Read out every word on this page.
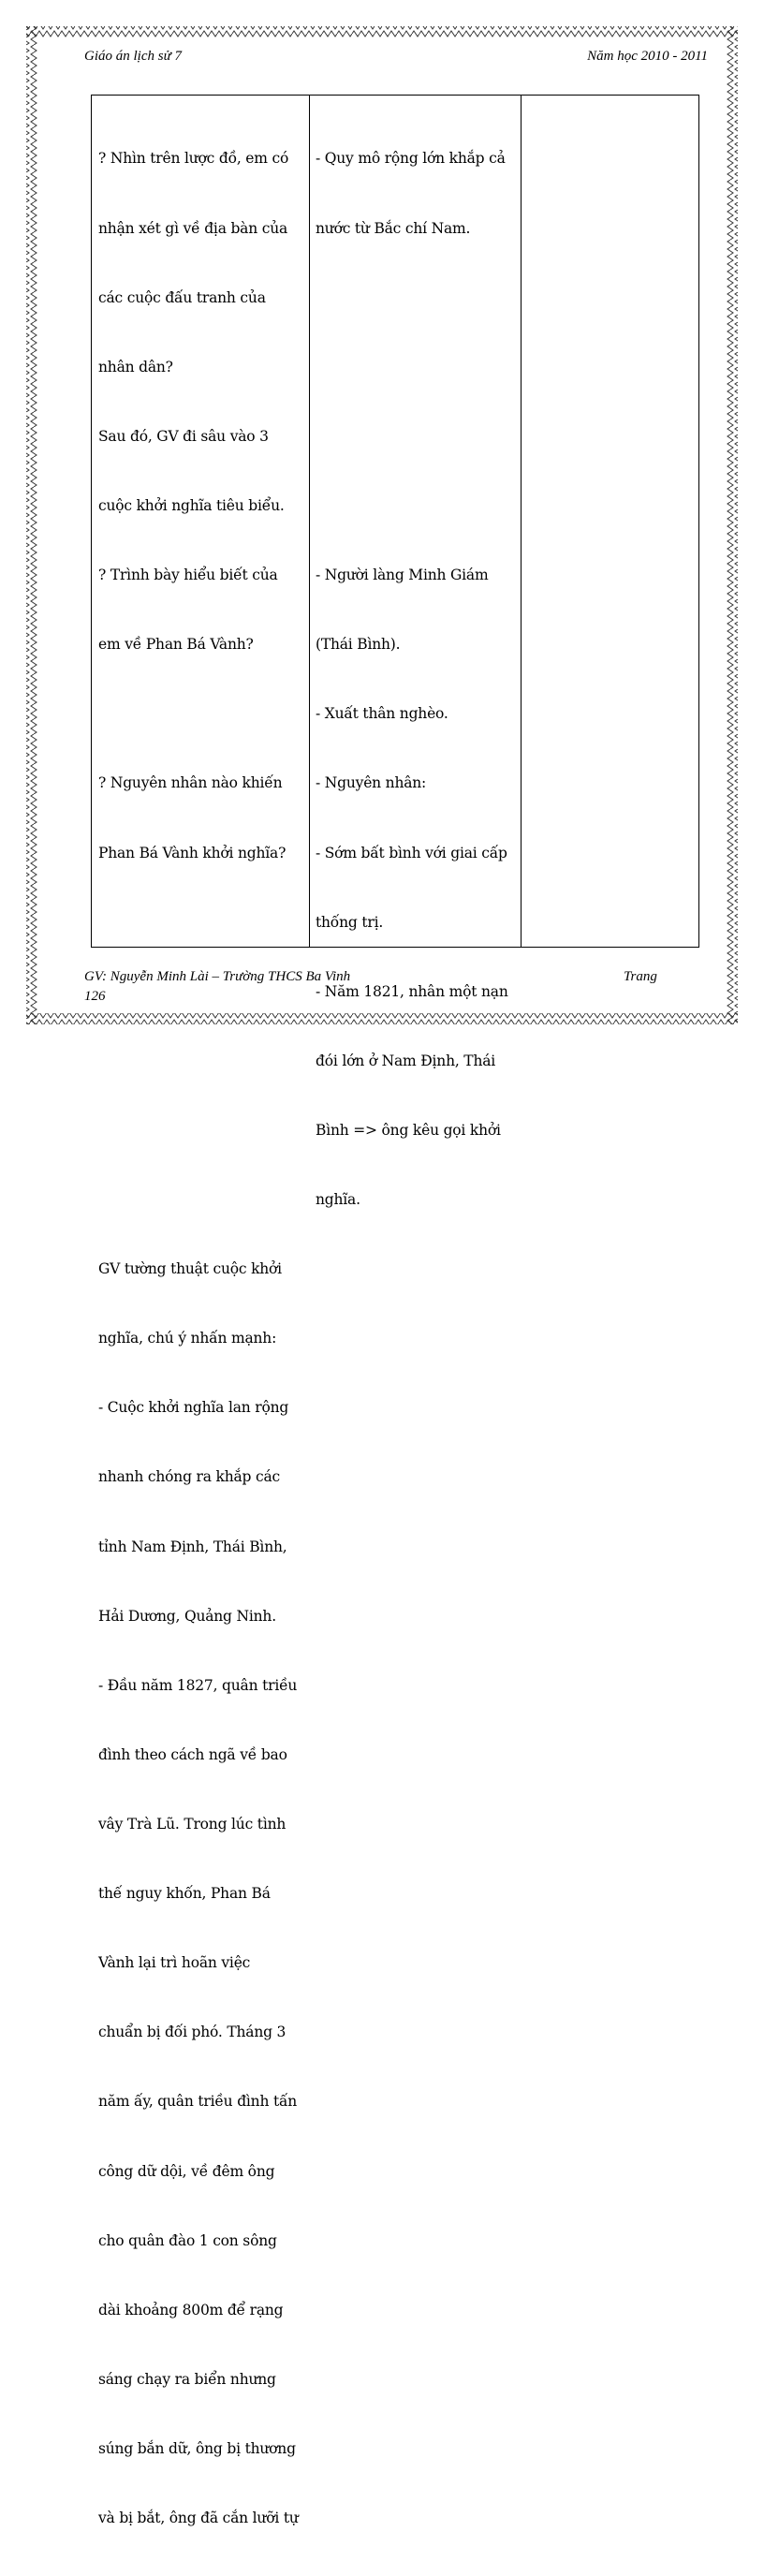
Giáo án lịch sử 7	Năm học 2010 - 2011

? Nhìn trên lược đồ, em có

nhận xét gì về địa bàn của

các cuộc đấu tranh của

nhân dân?

Sau đó, GV đi sâu vào 3

cuộc khởi nghĩa tiêu biểu.

? Trình bày hiểu biết của

em về Phan Bá Vành?

? Nguyên nhân nào khiến

Phan Bá Vành khởi nghĩa?

GV tường thuật cuộc khởi

nghĩa, chú ý nhấn mạnh:

- Cuộc khởi nghĩa lan rộng

nhanh chóng ra khắp các

tỉnh Nam Định, Thái Bình,

Hải Dương, Quảng Ninh.

- Đầu năm 1827, quân triều

đình theo cách ngã về bao

vây Trà Lũ. Trong lúc tình

thế nguy khốn, Phan Bá

Vành lại trì hoãn việc

chuẩn bị đối phó. Tháng 3

năm ấy, quân triều đình tấn

công dữ dội, về đêm ông

cho quân đào 1 con sông

dài khoảng 800m để rạng

sáng chạy ra biển nhưng

súng bắn dữ, ông bị thương

và bị bắt, ông đã cắn lưỡi tự

- Quy mô rộng lớn khắp cả

nước từ Bắc chí Nam.

- Người làng Minh Giám

(Thái Bình).

- Xuất thân nghèo.

- Nguyên nhân:

- Sớm bất bình với giai cấp

thống trị.

- Năm 1821, nhân một nạn

đói lớn ở Nam Định, Thái

Bình => ông kêu gọi khởi

nghĩa.

GV: Nguyễn Minh Lài – Trường THCS Ba Vinh	Trang
126
